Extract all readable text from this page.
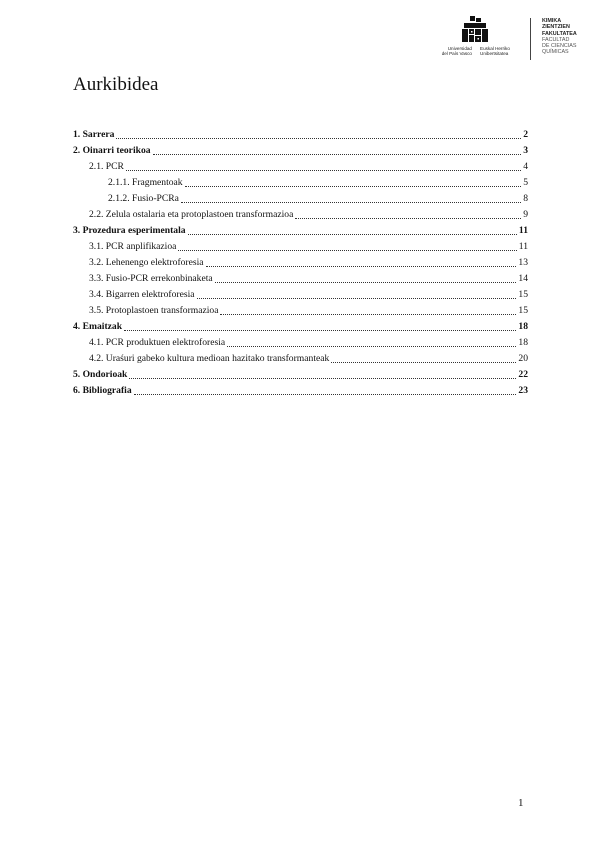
Universidad
del País Vasco
Euskal Herriko
Unibertsitatea
KIMIKA
ZIENTZIEN
FAKULTATEA
FACULTAD
DE CIENCIAS
QUÍMICAS
Aurkibidea
1. Sarrera	2
2. Oinarri teorikoa	3
2.1. PCR	4
2.1.1. Fragmentoak	5
2.1.2. Fusio-PCRa	8
2.2. Zelula ostalaria eta protoplastoen transformazioa	9
3. Prozedura esperimentala	11
3.1. PCR anplifikazioa	11
3.2. Lehenengo elektroforesia	13
3.3. Fusio-PCR errekonbinaketa	14
3.4. Bigarren elektroforesia	15
3.5. Protoplastoen transformazioa	15
4. Emaitzak	18
4.1. PCR produktuen elektroforesia	18
4.2. Uraśuri gabeko kultura medioan hazitako transformanteak	20
5. Ondorioak	22
6. Bibliografia	23
1
